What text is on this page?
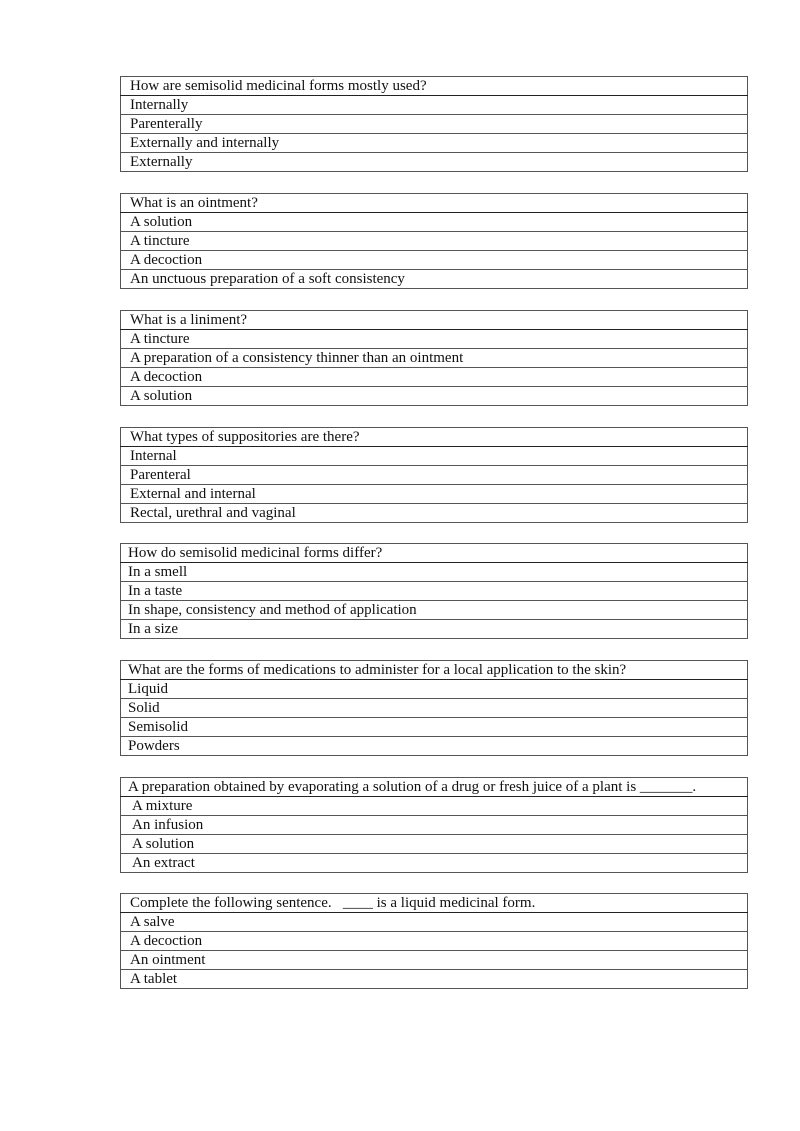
How are semisolid medicinal forms mostly used?
Internally
Parenterally
Externally and internally
Externally
What is an ointment?
A solution
A tincture
A decoction
An unctuous preparation of a soft consistency
What is a liniment?
A tincture
A preparation of a consistency thinner than an ointment
A decoction
A solution
What types of suppositories are there?
Internal
Parenteral
External and internal
Rectal, urethral and vaginal
How do semisolid medicinal forms differ?
In a smell
In a taste
In shape, consistency and method of application
In a size
What are the forms of medications to administer for a local application to the skin?
Liquid
Solid
Semisolid
Powders
A preparation obtained by evaporating a solution of a drug or fresh juice of a plant is _______.
A mixture
An infusion
A solution
An extract
Complete the following sentence.   ____ is a liquid medicinal form.
A salve
A decoction
An ointment
A tablet
